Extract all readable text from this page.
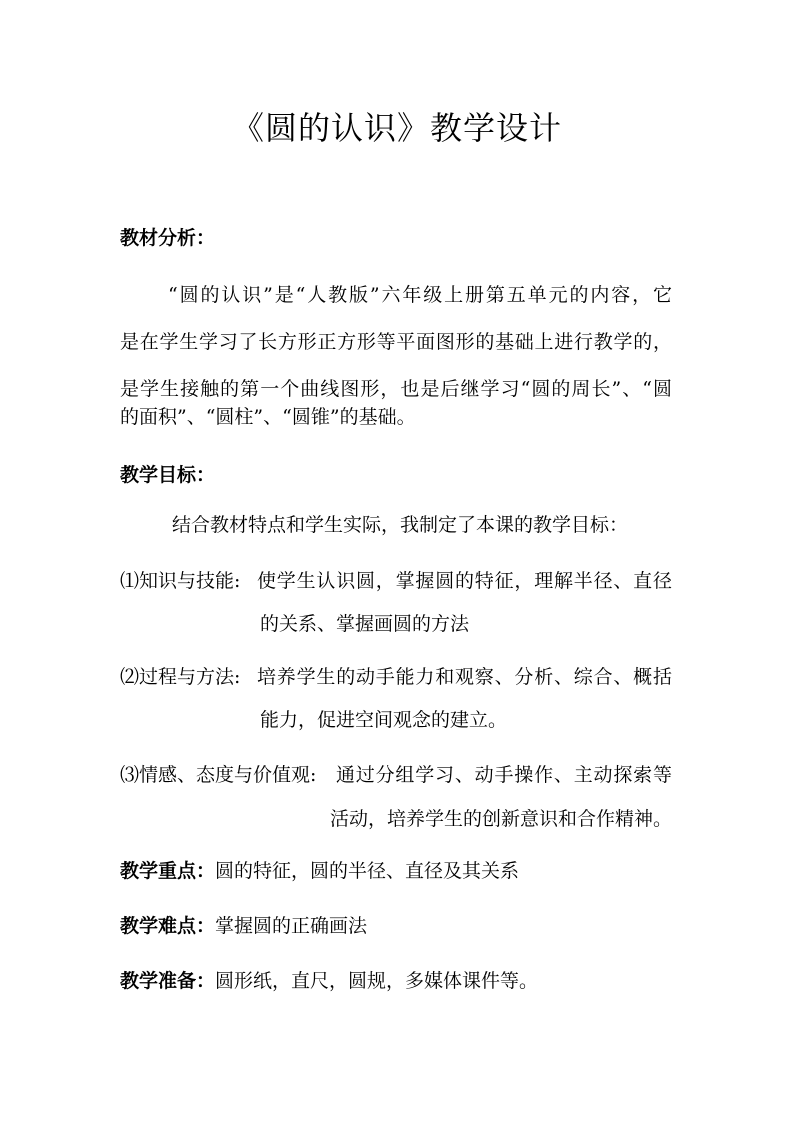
《圆的认识》教学设计
教材分析：
“圆的认识”是“人教版”六年级上册第五单元的内容，它
是在学生学习了长方形正方形等平面图形的基础上进行教学的，
是学生接触的第一个曲线图形，也是后继学习“圆的周长”、“圆
的面积”、“圆柱”、“圆锥”的基础。
教学目标：
结合教材特点和学生实际，我制定了本课的教学目标：
⑴知识与技能: 使学生认识圆，掌握圆的特征，理解半径、直径
的关系、掌握画圆的方法
⑵过程与方法: 培养学生的动手能力和观察、分析、综合、概括
能力，促进空间观念的建立。
⑶情感、态度与价值观: 通过分组学习、动手操作、主动探索等
活动，培养学生的创新意识和合作精神。
教学重点：圆的特征，圆的半径、直径及其关系
教学难点：掌握圆的正确画法
教学准备：圆形纸，直尺，圆规，多媒体课件等。
